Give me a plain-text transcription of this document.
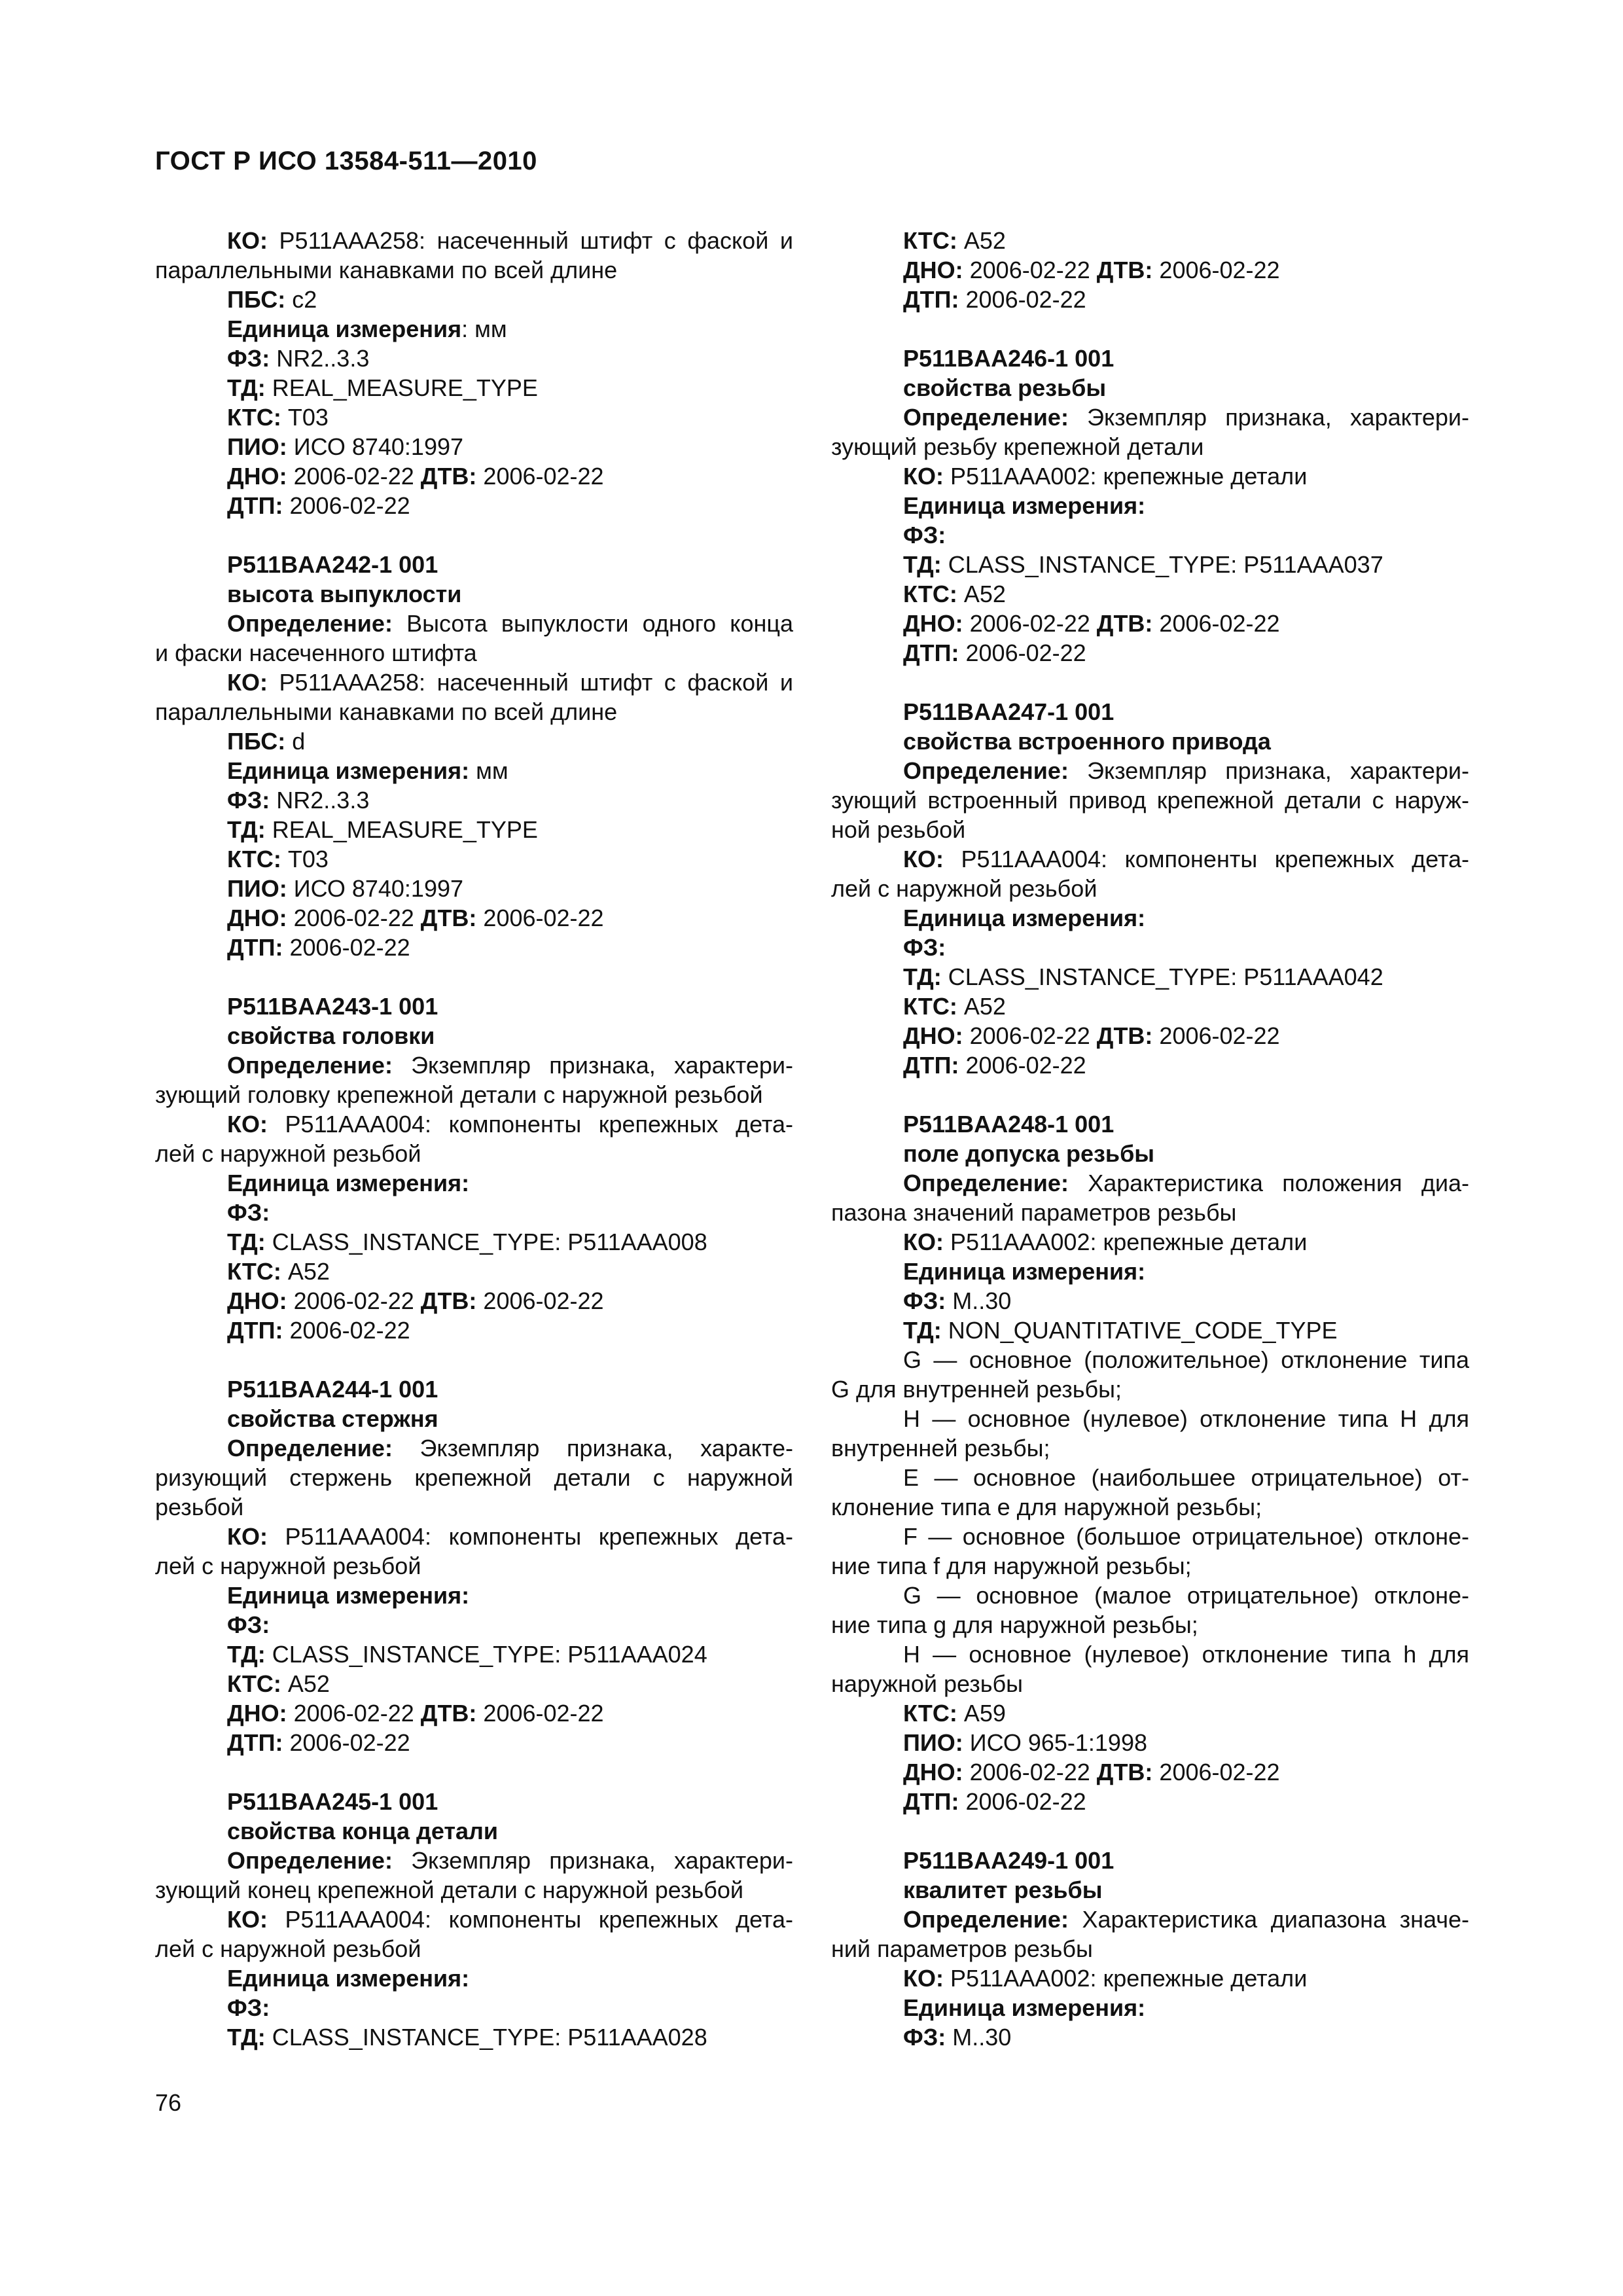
ГОСТ Р ИСО 13584-511—2010
КО: Р511ААА258: насеченный штифт с фаской и
параллельными канавками по всей длине
ПБС: c2
Единица измерения: мм
ФЗ: NR2..3.3
ТД: REAL_MEASURE_TYPE
КТС: Т03
ПИО: ИСО 8740:1997
ДНО: 2006-02-22 ДТВ: 2006-02-22
ДТП: 2006-02-22
P511BAA242-1 001
высота выпуклости
Определение: Высота выпуклости одного конца
и фаски насеченного штифта
КО: Р511ААА258: насеченный штифт с фаской и
параллельными канавками по всей длине
ПБС: d
Единица измерения: мм
ФЗ: NR2..3.3
ТД: REAL_MEASURE_TYPE
КТС: Т03
ПИО: ИСО 8740:1997
ДНО: 2006-02-22 ДТВ: 2006-02-22
ДТП: 2006-02-22
P511BAA243-1 001
свойства головки
Определение: Экземпляр признака, характери-
зующий головку крепежной детали с наружной резьбой
КО: Р511ААА004: компоненты крепежных дета-
лей с наружной резьбой
Единица измерения:
ФЗ:
ТД: CLASS_INSTANCE_TYPE: P511AAA008
КТС: А52
ДНО: 2006-02-22 ДТВ: 2006-02-22
ДТП: 2006-02-22
P511BAA244-1 001
свойства стержня
Определение: Экземпляр признака, характе-
ризующий стержень крепежной детали с наружной
резьбой
КО: Р511ААА004: компоненты крепежных дета-
лей с наружной резьбой
Единица измерения:
ФЗ:
ТД: CLASS_INSTANCE_TYPE: P511AAA024
КТС: А52
ДНО: 2006-02-22 ДТВ: 2006-02-22
ДТП: 2006-02-22
P511BAA245-1 001
свойства конца детали
Определение: Экземпляр признака, характери-
зующий конец крепежной детали с наружной резьбой
КО: Р511ААА004: компоненты крепежных дета-
лей с наружной резьбой
Единица измерения:
ФЗ:
ТД: CLASS_INSTANCE_TYPE: P511AAA028
КТС: А52
ДНО: 2006-02-22 ДТВ: 2006-02-22
ДТП: 2006-02-22
P511BAA246-1 001
свойства резьбы
Определение: Экземпляр признака, характери-
зующий резьбу крепежной детали
КО: Р511ААА002: крепежные детали
Единица измерения:
ФЗ:
ТД: CLASS_INSTANCE_TYPE: P511AAA037
КТС: А52
ДНО: 2006-02-22 ДТВ: 2006-02-22
ДТП: 2006-02-22
P511BAA247-1 001
свойства встроенного привода
Определение: Экземпляр признака, характери-
зующий встроенный привод крепежной детали с наруж-
ной резьбой
КО: Р511ААА004: компоненты крепежных дета-
лей с наружной резьбой
Единица измерения:
ФЗ:
ТД: CLASS_INSTANCE_TYPE: P511AAA042
КТС: А52
ДНО: 2006-02-22 ДТВ: 2006-02-22
ДТП: 2006-02-22
P511BAA248-1 001
поле допуска резьбы
Определение: Характеристика положения диа-
пазона значений параметров резьбы
КО: Р511ААА002: крепежные детали
Единица измерения:
ФЗ: M..30
ТД: NON_QUANTITATIVE_CODE_TYPE
G — основное (положительное) отклонение типа
G для внутренней резьбы;
H — основное (нулевое) отклонение типа H для
внутренней резьбы;
E — основное (наибольшее отрицательное) от-
клонение типа e для наружной резьбы;
F — основное (большое отрицательное) отклоне-
ние типа f для наружной резьбы;
G — основное (малое отрицательное) отклоне-
ние типа g для наружной резьбы;
H — основное (нулевое) отклонение типа h для
наружной резьбы
КТС: А59
ПИО: ИСО 965-1:1998
ДНО: 2006-02-22 ДТВ: 2006-02-22
ДТП: 2006-02-22
P511BAA249-1 001
квалитет резьбы
Определение: Характеристика диапазона значе-
ний параметров резьбы
КО: Р511ААА002: крепежные детали
Единица измерения:
ФЗ: M..30
76
